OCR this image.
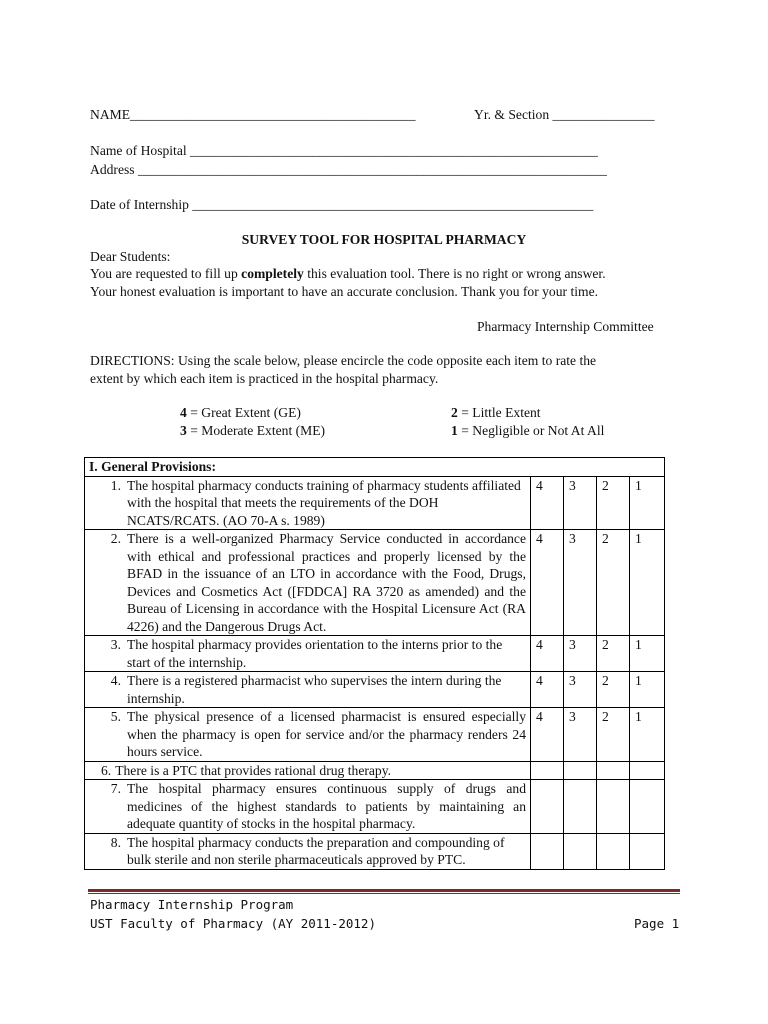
NAME__________________________________________	Yr. & Section _______________
Name of Hospital ____________________________________________________________
Address _____________________________________________________________________
Date of Internship ___________________________________________________________
SURVEY TOOL FOR HOSPITAL PHARMACY
Dear Students:
You are requested to fill up completely this evaluation tool. There is no right or wrong answer.
Your honest evaluation is important to have an accurate conclusion. Thank you for your time.
Pharmacy Internship Committee
DIRECTIONS: Using the scale below, please encircle the code opposite each item to rate the
extent by which each item is practiced in the hospital pharmacy.
4 = Great Extent (GE)
3 = Moderate Extent (ME)
2 = Little Extent
1 = Negligible or Not At All
I. General Provisions:				

1. The hospital pharmacy conducts training of pharmacy students affiliated with the hospital that meets the requirements of the DOH NCATS/RCATS. (AO 70-A s. 1989)	4	3	2	1

2. There is a well-organized Pharmacy Service conducted in accordance with ethical and professional practices and properly licensed by the BFAD in the issuance of an LTO in accordance with the Food, Drugs, Devices and Cosmetics Act ([FDDCA] RA 3720 as amended) and the Bureau of Licensing in accordance with the Hospital Licensure Act (RA 4226) and the Dangerous Drugs Act.	4	3	2	1

3. The hospital pharmacy provides orientation to the interns prior to the start of the internship.	4	3	2	1

4. There is a registered pharmacist who supervises the intern during the internship.	4	3	2	1

5. The physical presence of a licensed pharmacist is ensured especially when the pharmacy is open for service and/or the pharmacy renders 24 hours service.	4	3	2	1

6. There is a PTC that provides rational drug therapy.				

7. The hospital pharmacy ensures continuous supply of drugs and medicines of the highest standards to patients by maintaining an adequate quantity of stocks in the hospital pharmacy.				

8. The hospital pharmacy conducts the preparation and compounding of bulk sterile and non sterile pharmaceuticals approved by PTC.				

Pharmacy Internship Program
UST Faculty of Pharmacy (AY 2011-2012)	Page 1
